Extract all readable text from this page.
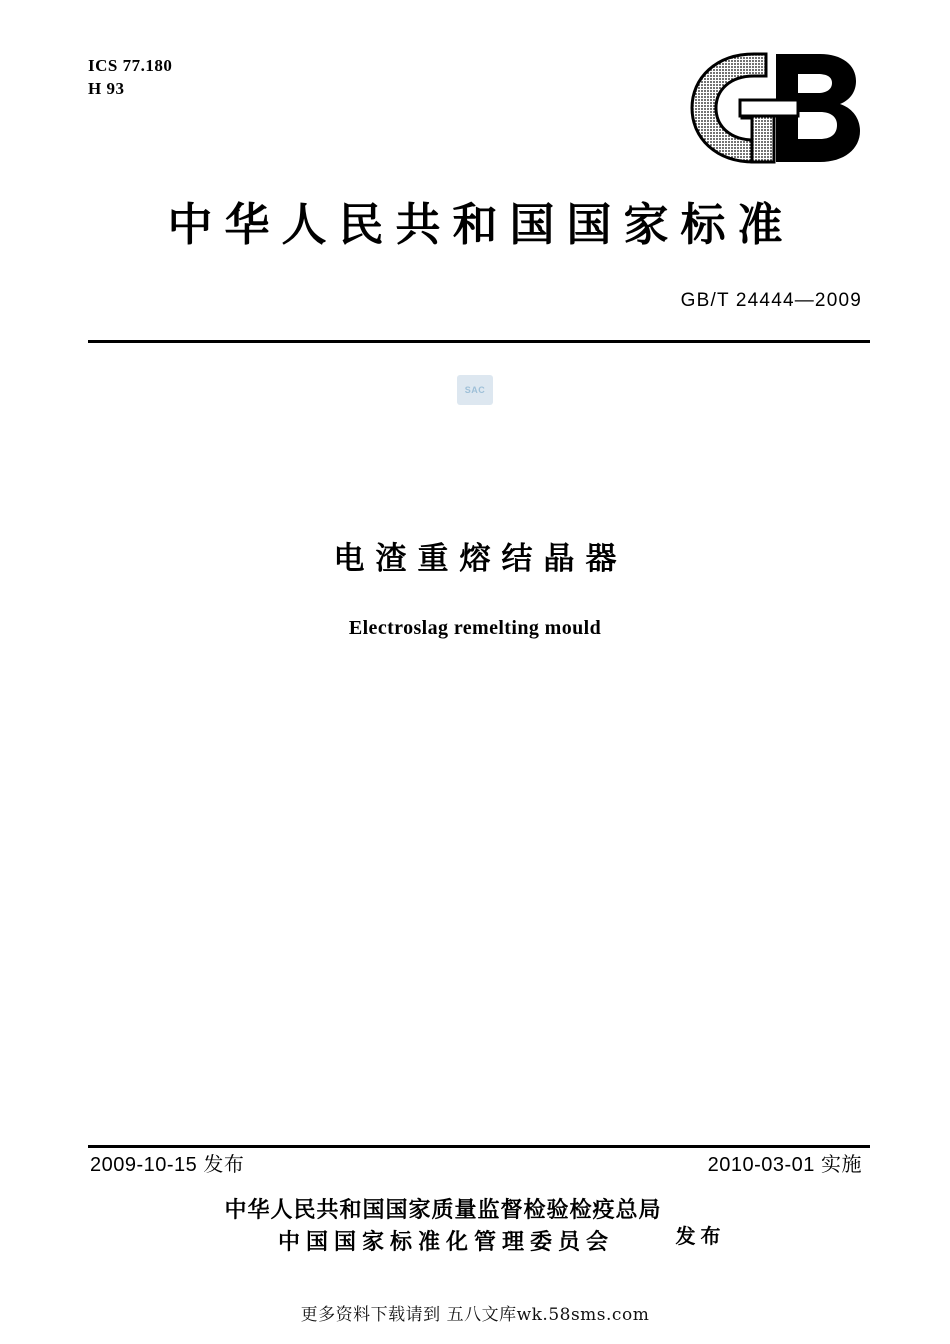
ICS 77.180
H 93
中华人民共和国国家标准
GB/T 24444—2009
SAC
电渣重熔结晶器
Electroslag remelting mould
2009-10-15 发布	2010-03-01 实施
中华人民共和国国家质量监督检验检疫总局
中国国家标准化管理委员会	发布
更多资料下载请到 五八文库wk.58sms.com
